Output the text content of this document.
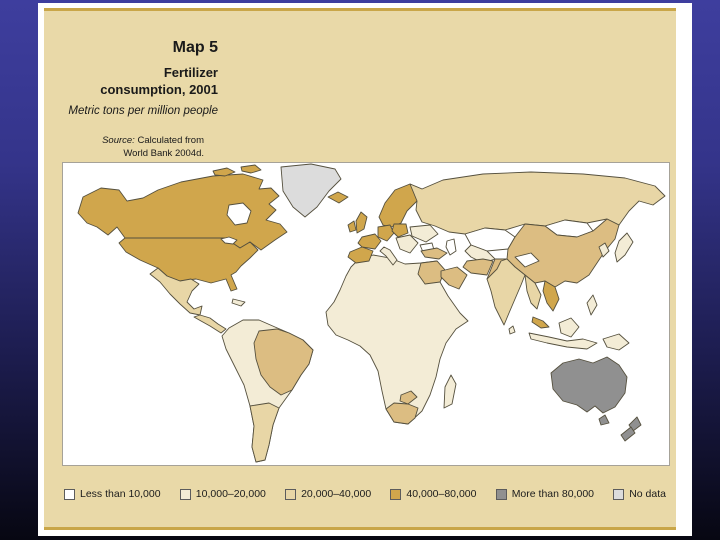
Map 5

Fertilizer

consumption, 2001

Metric tons per million people

Source: Calculated from
World Bank 2004d.

Less than 10,000	10,000–20,000	20,000–40,000	40,000–80,000	More than 80,000	No data
